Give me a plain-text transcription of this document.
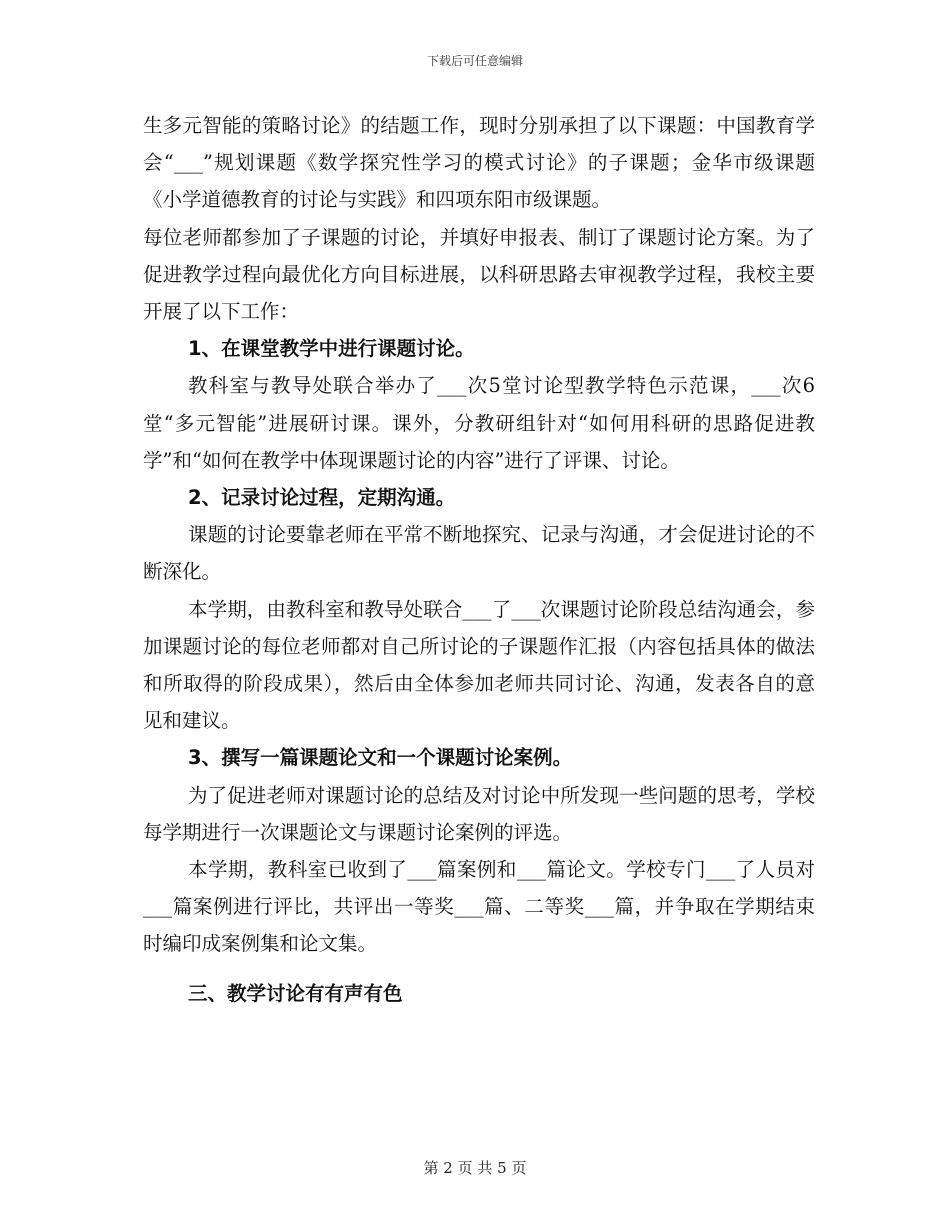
下载后可任意编辑

生多元智能的策略讨论》的结题工作，现时分别承担了以下课题：中国教育学会“___”规划课题《数学探究性学习的模式讨论》的子课题；金华市级课题《小学道德教育的讨论与实践》和四项东阳市级课题。

每位老师都参加了子课题的讨论，并填好申报表、制订了课题讨论方案。为了促进教学过程向最优化方向目标进展，以科研思路去审视教学过程，我校主要开展了以下工作：

1、在课堂教学中进行课题讨论。

教科室与教导处联合举办了___次5堂讨论型教学特色示范课，___次6堂“多元智能”进展研讨课。课外，分教研组针对“如何用科研的思路促进教学”和“如何在教学中体现课题讨论的内容”进行了评课、讨论。

2、记录讨论过程，定期沟通。

课题的讨论要靠老师在平常不断地探究、记录与沟通，才会促进讨论的不断深化。

本学期，由教科室和教导处联合___了___次课题讨论阶段总结沟通会，参加课题讨论的每位老师都对自己所讨论的子课题作汇报（内容包括具体的做法和所取得的阶段成果），然后由全体参加老师共同讨论、沟通，发表各自的意见和建议。

3、撰写一篇课题论文和一个课题讨论案例。

为了促进老师对课题讨论的总结及对讨论中所发现一些问题的思考，学校每学期进行一次课题论文与课题讨论案例的评选。

本学期，教科室已收到了___篇案例和___篇论文。学校专门___了人员对___篇案例进行评比，共评出一等奖___篇、二等奖___篇，并争取在学期结束时编印成案例集和论文集。

三、教学讨论有有声有色

第 2 页 共 5 页
